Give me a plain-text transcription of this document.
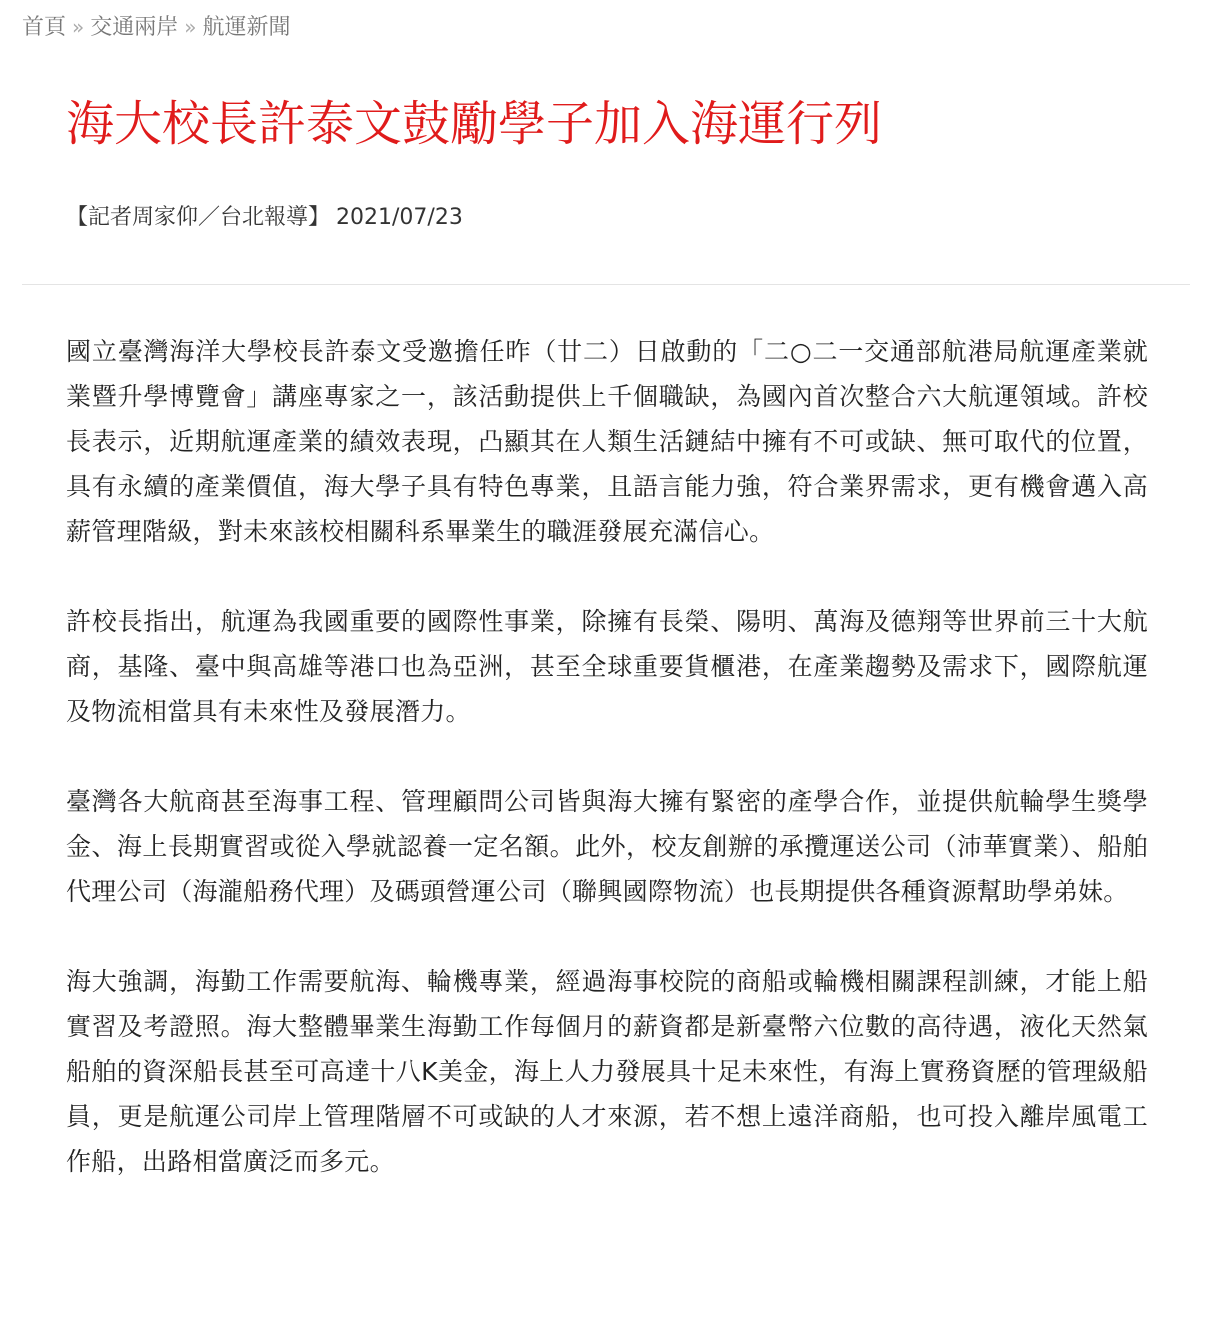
首頁 » 交通兩岸 » 航運新聞
海大校長許泰文鼓勵學子加入海運行列
【記者周家仰／台北報導】 2021/07/23

國立臺灣海洋大學校長許泰文受邀擔任昨（廿二）日啟動的「二○二一交通部航港局航運產業就業暨升學博覽會」講座專家之一，該活動提供上千個職缺，為國內首次整合六大航運領域。許校長表示，近期航運產業的績效表現，凸顯其在人類生活鏈結中擁有不可或缺、無可取代的位置，具有永續的產業價值，海大學子具有特色專業，且語言能力強，符合業界需求，更有機會邁入高薪管理階級，對未來該校相關科系畢業生的職涯發展充滿信心。

許校長指出，航運為我國重要的國際性事業，除擁有長榮、陽明、萬海及德翔等世界前三十大航商，基隆、臺中與高雄等港口也為亞洲，甚至全球重要貨櫃港，在產業趨勢及需求下，國際航運及物流相當具有未來性及發展潛力。

臺灣各大航商甚至海事工程、管理顧問公司皆與海大擁有緊密的產學合作，並提供航輪學生獎學金、海上長期實習或從入學就認養一定名額。此外，校友創辦的承攬運送公司（沛華實業）、船舶代理公司（海瀧船務代理）及碼頭營運公司（聯興國際物流）也長期提供各種資源幫助學弟妹。

海大強調，海勤工作需要航海、輪機專業，經過海事校院的商船或輪機相關課程訓練，才能上船實習及考證照。海大整體畢業生海勤工作每個月的薪資都是新臺幣六位數的高待遇，液化天然氣船舶的資深船長甚至可高達十八K美金，海上人力發展具十足未來性，有海上實務資歷的管理級船員，更是航運公司岸上管理階層不可或缺的人才來源，若不想上遠洋商船，也可投入離岸風電工作船，出路相當廣泛而多元。
